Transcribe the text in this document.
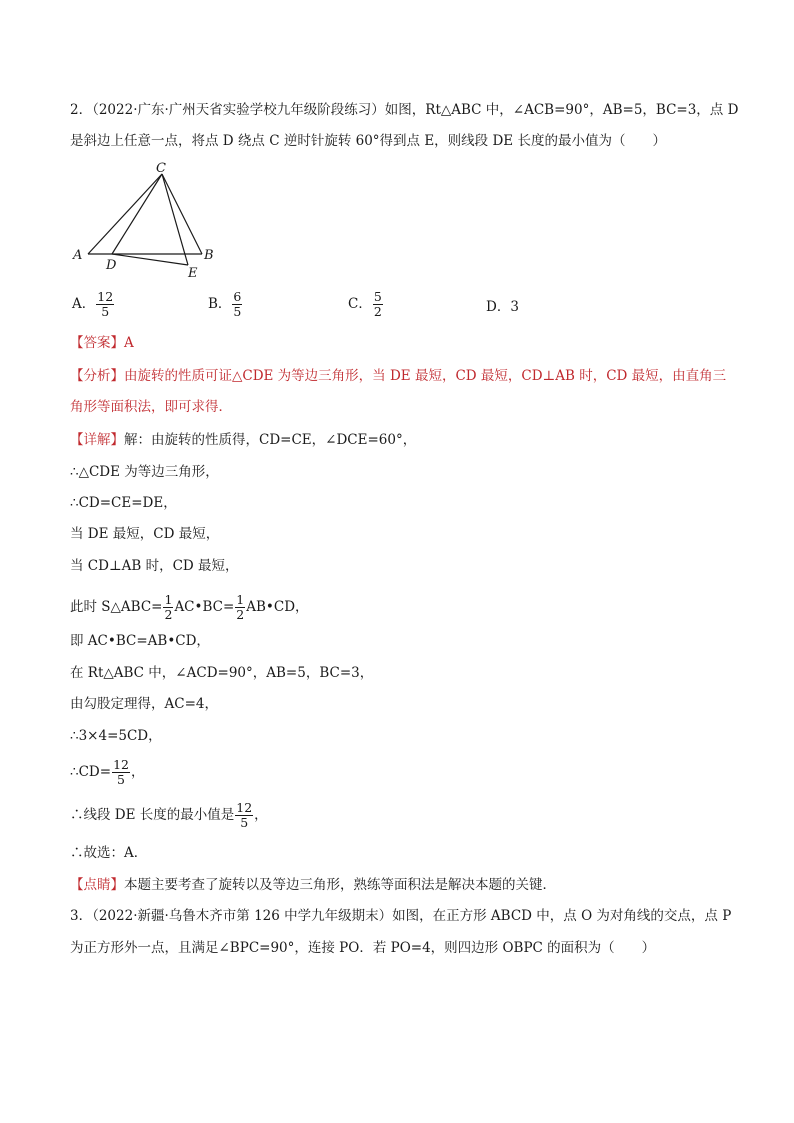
2．（2022·广东·广州天省实验学校九年级阶段练习）如图，Rt△ABC 中，∠ACB=90°，AB=5，BC=3，点 D
是斜边上任意一点，将点 D 绕点 C 逆时针旋转 60°得到点 E，则线段 DE 长度的最小值为（　　）
C
A	B
D
E
A． $\frac{12}{5}$	B． $\frac{6}{5}$	C． $\frac{5}{2}$	D．3
【答案】A
【分析】由旋转的性质可证△CDE 为等边三角形，当 DE 最短，CD 最短，CD⊥AB 时，CD 最短，由直角三
角形等面积法，即可求得．
【详解】解：由旋转的性质得，CD=CE，∠DCE=60°，
∴△CDE 为等边三角形，
∴CD=CE=DE，
当 DE 最短，CD 最短，
当 CD⊥AB 时，CD 最短，
此时 S△ABC= $\frac{1}{2}$ AC•BC= $\frac{1}{2}$ AB•CD，
即 AC•BC=AB•CD，
在 Rt△ABC 中，∠ACD=90°，AB=5，BC=3，
由勾股定理得，AC=4，
∴3×4=5CD，
∴CD= $\frac{12}{5}$ ，
∴线段 DE 长度的最小值是 $\frac{12}{5}$ ，
∴故选：A．
【点睛】本题主要考查了旋转以及等边三角形，熟练等面积法是解决本题的关键．
3．（2022·新疆·乌鲁木齐市第 126 中学九年级期末）如图，在正方形 ABCD 中，点 O 为对角线的交点，点 P
为正方形外一点，且满足∠BPC=90°，连接 PO．若 PO=4，则四边形 OBPC 的面积为（　　）
